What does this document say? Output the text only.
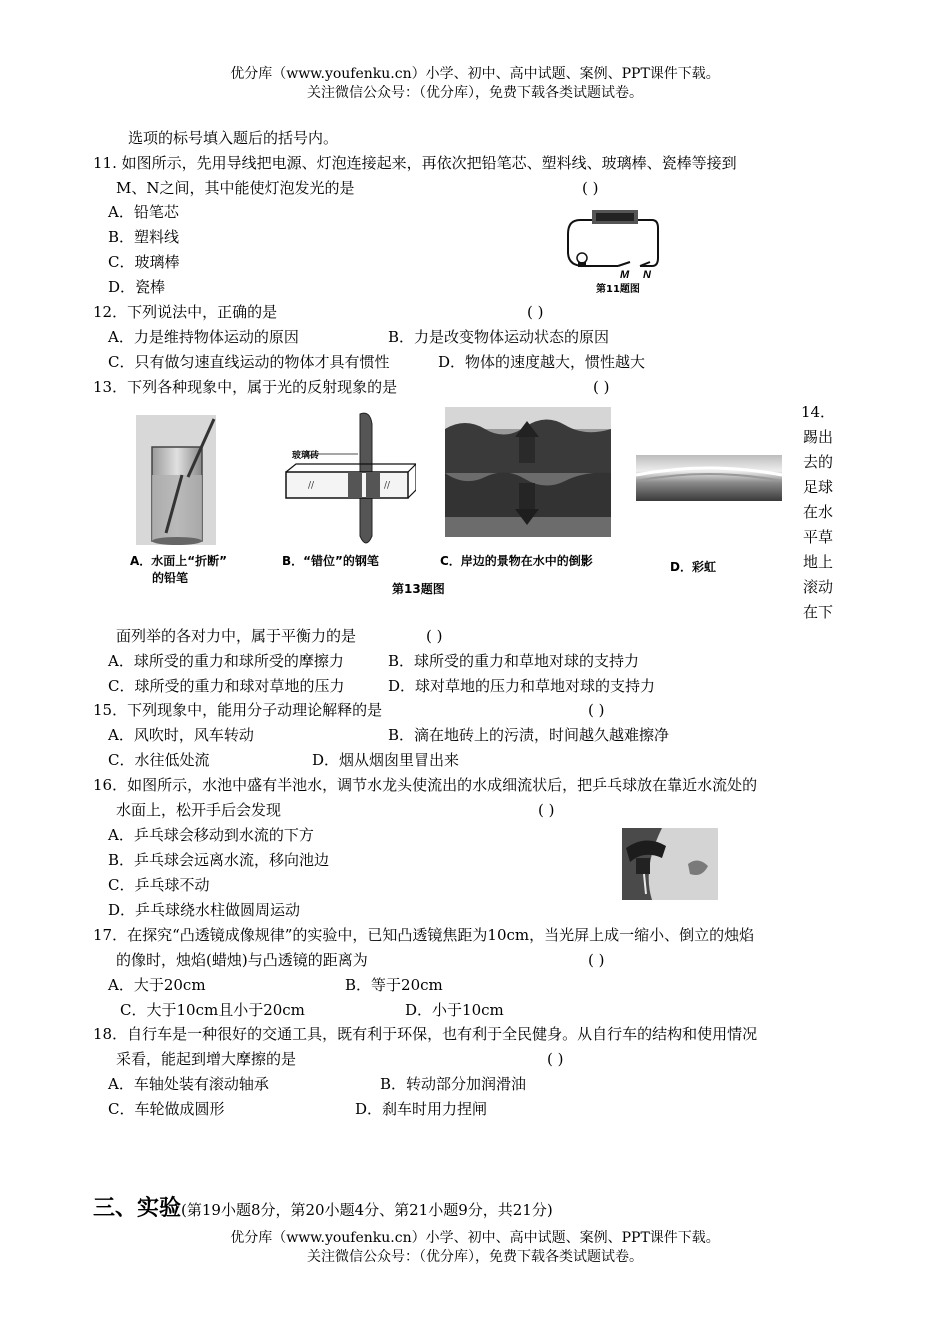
优分库（www.youfenku.cn）小学、初中、高中试题、案例、PPT课件下载。
关注微信公众号：（优分库），免费下载各类试题试卷。
选项的标号填入题后的括号内。
11. 如图所示，先用导线把电源、灯泡连接起来，再依次把铅笔芯、塑料线、玻璃棒、瓷棒等接到
M、N之间，其中能使灯泡发光的是	( )
A．铅笔芯
B．塑料线
C．玻璃棒
D．瓷棒
M N
第11题图
12．下列说法中，正确的是	( )
A．力是维持物体运动的原因	B．力是改变物体运动状态的原因
C．只有做匀速直线运动的物体才具有惯性	D．物体的速度越大，惯性越大
13．下列各种现象中，属于光的反射现象的是	( )
//	//
玻璃砖
A．水面上“折断”
的铅笔
B．“错位”的钢笔	C．岸边的景物在水中的倒影	D．彩虹
第13题图
14．
踢出
去的
足球
在水
平草
地上
滚动
在下
面列举的各对力中，属于平衡力的是	( )
A．球所受的重力和球所受的摩擦力	B．球所受的重力和草地对球的支持力
C．球所受的重力和球对草地的压力	D．球对草地的压力和草地对球的支持力
15．下列现象中，能用分子动理论解释的是	( )
A．风吹时，风车转动	B．滴在地砖上的污渍，时间越久越难擦净
C．水往低处流	D．烟从烟囱里冒出来
16．如图所示，水池中盛有半池水，调节水龙头使流出的水成细流状后，把乒乓球放在靠近水流处的
水面上，松开手后会发现	( )
A．乒乓球会移动到水流的下方
B．乒乓球会远离水流，移向池边
C．乒乓球不动
D．乒乓球绕水柱做圆周运动
17．在探究“凸透镜成像规律”的实验中，已知凸透镜焦距为10cm，当光屏上成一缩小、倒立的烛焰
的像时，烛焰(蜡烛)与凸透镜的距离为	( )
A．大于20cm	B．等于20cm
C．大于10cm且小于20cm	D．小于10cm
18．自行车是一种很好的交通工具，既有利于环保，也有利于全民健身。从自行车的结构和使用情况
采看，能起到增大摩擦的是	( )
A．车轴处装有滚动轴承	B．转动部分加润滑油
C．车轮做成圆形	D．刹车时用力捏闸
三、实验(第19小题8分，第20小题4分、第21小题9分，共21分)
优分库（www.youfenku.cn）小学、初中、高中试题、案例、PPT课件下载。
关注微信公众号：（优分库），免费下载各类试题试卷。
